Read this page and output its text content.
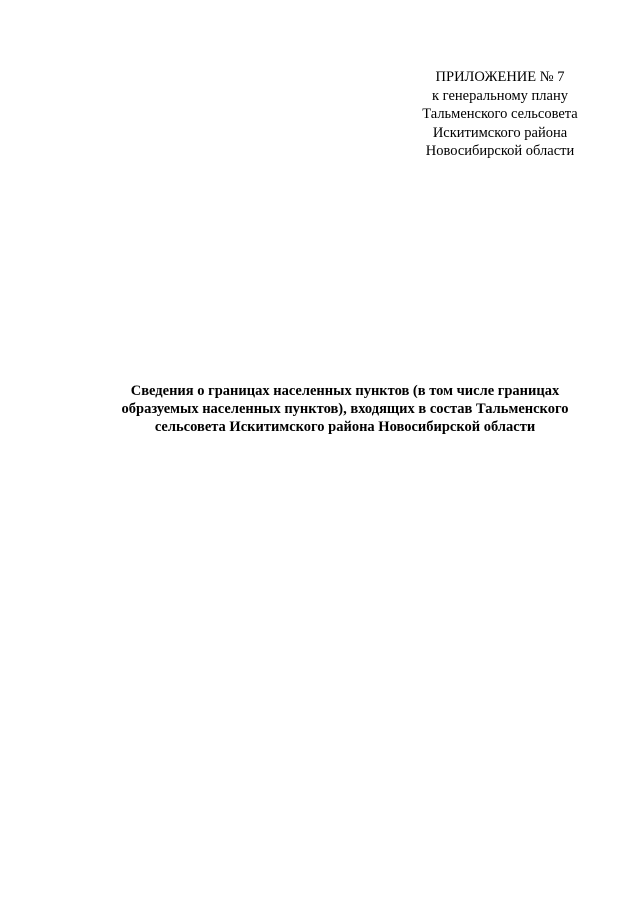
ПРИЛОЖЕНИЕ № 7
к генеральному плану
Тальменского сельсовета
Искитимского района
Новосибирской области
Сведения о границах населенных пунктов (в том числе границах
образуемых населенных пунктов), входящих в состав Тальменского
сельсовета Искитимского района Новосибирской области
